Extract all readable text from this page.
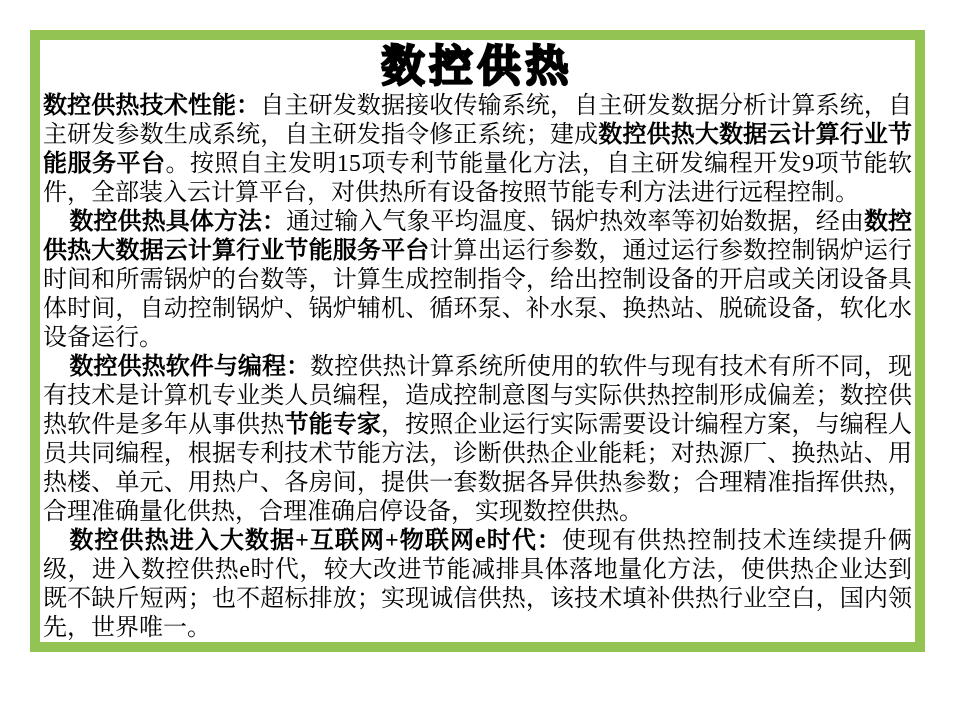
数控供热

数控供热技术性能：自主研发数据接收传输系统，自主研发数据分析计算系统，自主研发参数生成系统，自主研发指令修正系统；建成数控供热大数据云计算行业节能服务平台。按照自主发明15项专利节能量化方法，自主研发编程开发9项节能软件，全部装入云计算平台，对供热所有设备按照节能专利方法进行远程控制。

数控供热具体方法：通过输入气象平均温度、锅炉热效率等初始数据，经由数控供热大数据云计算行业节能服务平台计算出运行参数，通过运行参数控制锅炉运行时间和所需锅炉的台数等，计算生成控制指令，给出控制设备的开启或关闭设备具体时间，自动控制锅炉、锅炉辅机、循环泵、补水泵、换热站、脱硫设备，软化水设备运行。

数控供热软件与编程：数控供热计算系统所使用的软件与现有技术有所不同，现有技术是计算机专业类人员编程，造成控制意图与实际供热控制形成偏差；数控供热软件是多年从事供热节能专家，按照企业运行实际需要设计编程方案，与编程人员共同编程，根据专利技术节能方法，诊断供热企业能耗；对热源厂、换热站、用热楼、单元、用热户、各房间，提供一套数据各异供热参数；合理精准指挥供热，合理准确量化供热，合理准确启停设备，实现数控供热。

数控供热进入大数据+互联网+物联网e时代：使现有供热控制技术连续提升俩级，进入数控供热e时代，较大改进节能减排具体落地量化方法，使供热企业达到既不缺斤短两；也不超标排放；实现诚信供热，该技术填补供热行业空白，国内领先，世界唯一。
